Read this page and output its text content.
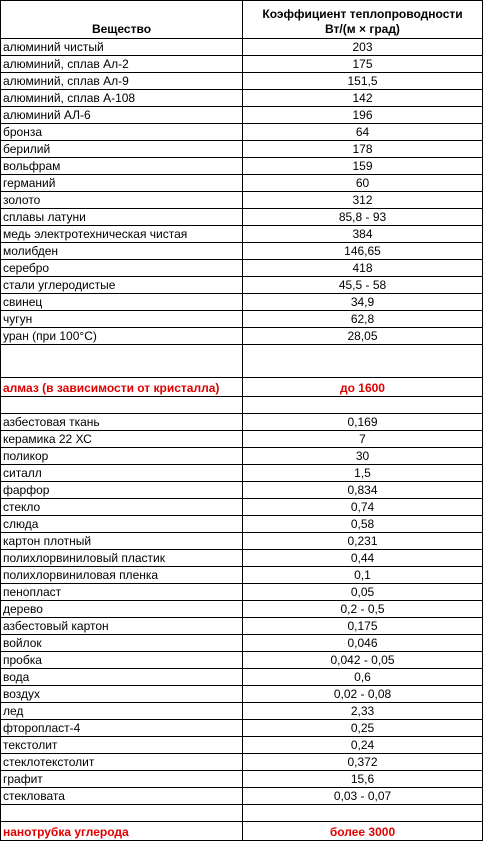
Вещество	Коэффициент теплопроводности
Вт/(м × град)

алюминий чистый	203
алюминий, сплав Ал-2	175
алюминий, сплав Ал-9	151,5
алюминий, сплав А-108	142
алюминий АЛ-6	196
бронза	64
берилий	178
вольфрам	159
германий	60
золото	312
сплавы латуни	85,8 - 93
медь электротехническая чистая	384
молибден	146,65
серебро	418
стали углеродистые	45,5 - 58
свинец	34,9
чугун	62,8
уран (при 100°С)	28,05

алмаз (в зависимости от кристалла)	до 1600

азбестовая ткань	0,169
керамика 22 ХС	7
поликор	30
ситалл	1,5
фарфор	0,834
стекло	0,74
слюда	0,58
картон плотный	0,231
полихлорвиниловый пластик	0,44
полихлорвиниловая пленка	0,1
пенопласт	0,05
дерево	0,2 - 0,5
азбестовый картон	0,175
войлок	0,046
пробка	0,042 - 0,05
вода	0,6
воздух	0,02 - 0,08
лед	2,33
фторопласт-4	0,25
текстолит	0,24
стеклотекстолит	0,372
графит	15,6
стекловата	0,03 - 0,07

нанотрубка углерода	более 3000
